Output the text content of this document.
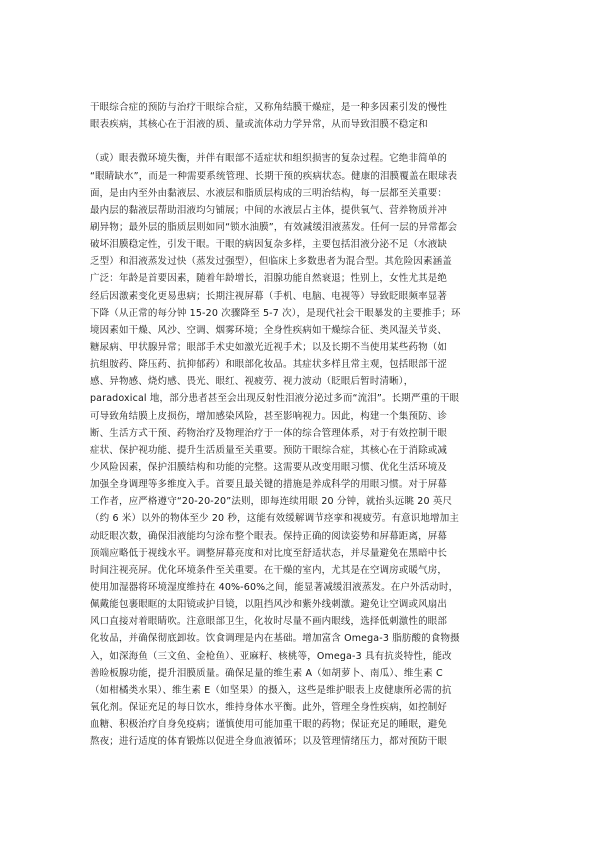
干眼综合症的预防与治疗干眼综合症，又称角结膜干燥症，是一种多因素引发的慢性
眼表疾病，其核心在于泪液的质、量或流体动力学异常，从而导致泪膜不稳定和
（或）眼表微环境失衡，并伴有眼部不适症状和组织损害的复杂过程。它绝非简单的
“眼睛缺水”，而是一种需要系统管理、长期干预的疾病状态。健康的泪膜覆盖在眼球表
面，是由内至外由黏液层、水液层和脂质层构成的三明治结构，每一层都至关重要：
最内层的黏液层帮助泪液均匀铺展；中间的水液层占主体，提供氧气、营养物质并冲
刷异物；最外层的脂质层则如同“锁水油膜”，有效减缓泪液蒸发。任何一层的异常都会
破坏泪膜稳定性，引发干眼。干眼的病因复杂多样，主要包括泪液分泌不足（水液缺
乏型）和泪液蒸发过快（蒸发过强型），但临床上多数患者为混合型。其危险因素涵盖
广泛：年龄是首要因素，随着年龄增长，泪腺功能自然衰退；性别上，女性尤其是绝
经后因激素变化更易患病；长期注视屏幕（手机、电脑、电视等）导致眨眼频率显著
下降（从正常的每分钟 15-20 次骤降至 5-7 次），是现代社会干眼暴发的主要推手；环
境因素如干燥、风沙、空调、烟雾环境；全身性疾病如干燥综合征、类风湿关节炎、
糖尿病、甲状腺异常；眼部手术史如激光近视手术；以及长期不当使用某些药物（如
抗组胺药、降压药、抗抑郁药）和眼部化妆品。其症状多样且常主观，包括眼部干涩
感、异物感、烧灼感、畏光、眼红、视疲劳、视力波动（眨眼后暂时清晰），
paradoxical 地，部分患者甚至会出现反射性泪液分泌过多而“流泪”。长期严重的干眼
可导致角结膜上皮损伤，增加感染风险，甚至影响视力。因此，构建一个集预防、诊
断、生活方式干预、药物治疗及物理治疗于一体的综合管理体系，对于有效控制干眼
症状、保护视功能、提升生活质量至关重要。预防干眼综合症，其核心在于消除或减
少风险因素，保护泪膜结构和功能的完整。这需要从改变用眼习惯、优化生活环境及
加强全身调理等多维度入手。首要且最关键的措施是养成科学的用眼习惯。对于屏幕
工作者，应严格遵守“20-20-20”法则，即每连续用眼 20 分钟，就抬头远眺 20 英尺
（约 6 米）以外的物体至少 20 秒，这能有效缓解调节痉挛和视疲劳。有意识地增加主
动眨眼次数，确保泪液能均匀涂布整个眼表。保持正确的阅读姿势和屏幕距离，屏幕
顶端应略低于视线水平。调整屏幕亮度和对比度至舒适状态，并尽量避免在黑暗中长
时间注视亮屏。优化环境条件至关重要。在干燥的室内，尤其是在空调房或暖气房，
使用加湿器将环境湿度维持在 40%-60%之间，能显著减缓泪液蒸发。在户外活动时，
佩戴能包裹眼眶的太阳镜或护目镜，以阻挡风沙和紫外线刺激。避免让空调或风扇出
风口直接对着眼睛吹。注意眼部卫生，化妆时尽量不画内眼线，选择低刺激性的眼部
化妆品，并确保彻底卸妆。饮食调理是内在基础。增加富含 Omega-3 脂肪酸的食物摄
入，如深海鱼（三文鱼、金枪鱼）、亚麻籽、核桃等，Omega-3 具有抗炎特性，能改
善睑板腺功能，提升泪膜质量。确保足量的维生素 A（如胡萝卜、南瓜）、维生素 C
（如柑橘类水果）、维生素 E（如坚果）的摄入，这些是维护眼表上皮健康所必需的抗
氧化剂。保证充足的每日饮水，维持身体水平衡。此外，管理全身性疾病，如控制好
血糖、积极治疗自身免疫病；谨慎使用可能加重干眼的药物；保证充足的睡眠，避免
熬夜；进行适度的体育锻炼以促进全身血液循环；以及管理情绪压力，都对预防干眼
